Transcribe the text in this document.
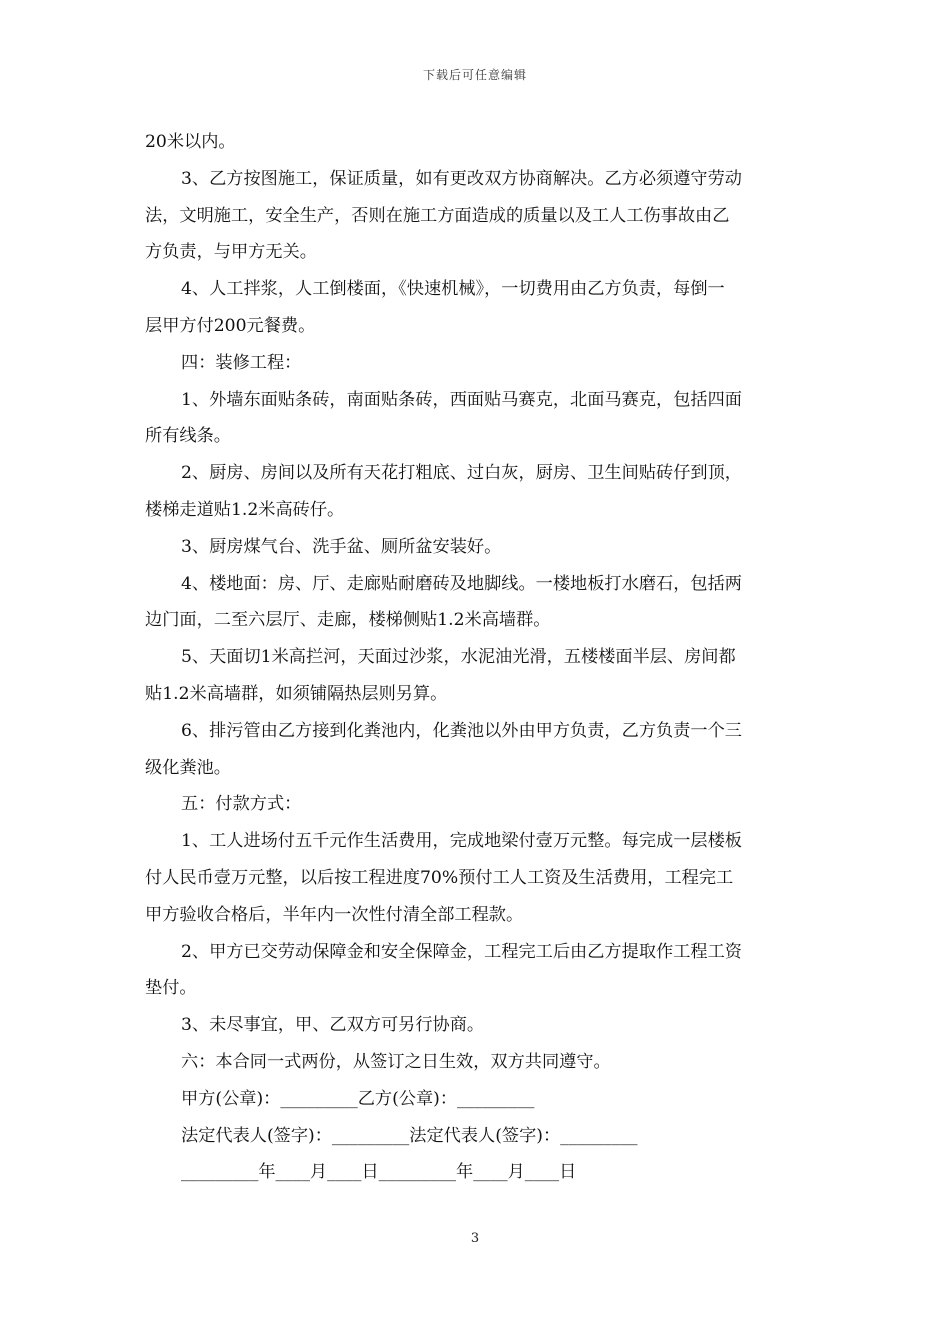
下载后可任意编辑
20米以内。
3、乙方按图施工，保证质量，如有更改双方协商解决。乙方必须遵守劳动
法，文明施工，安全生产，否则在施工方面造成的质量以及工人工伤事故由乙
方负责，与甲方无关。
4、人工拌浆，人工倒楼面，《快速机械》，一切费用由乙方负责，每倒一
层甲方付200元餐费。
四：装修工程：
1、外墙东面贴条砖，南面贴条砖，西面贴马赛克，北面马赛克，包括四面
所有线条。
2、厨房、房间以及所有天花打粗底、过白灰，厨房、卫生间贴砖仔到顶，
楼梯走道贴1.2米高砖仔。
3、厨房煤气台、洗手盆、厕所盆安装好。
4、楼地面：房、厅、走廊贴耐磨砖及地脚线。一楼地板打水磨石，包括两
边门面，二至六层厅、走廊，楼梯侧贴1.2米高墙群。
5、天面切1米高拦河，天面过沙浆，水泥油光滑，五楼楼面半层、房间都
贴1.2米高墙群，如须铺隔热层则另算。
6、排污管由乙方接到化粪池内，化粪池以外由甲方负责，乙方负责一个三
级化粪池。
五：付款方式：
1、工人进场付五千元作生活费用，完成地梁付壹万元整。每完成一层楼板
付人民币壹万元整，以后按工程进度70%预付工人工资及生活费用，工程完工
甲方验收合格后，半年内一次性付清全部工程款。
2、甲方已交劳动保障金和安全保障金，工程完工后由乙方提取作工程工资
垫付。
3、未尽事宜，甲、乙双方可另行协商。
六：本合同一式两份，从签订之日生效，双方共同遵守。
甲方(公章)：_________乙方(公章)：_________
法定代表人(签字)：_________法定代表人(签字)：_________
_________年____月____日_________年____月____日
3
